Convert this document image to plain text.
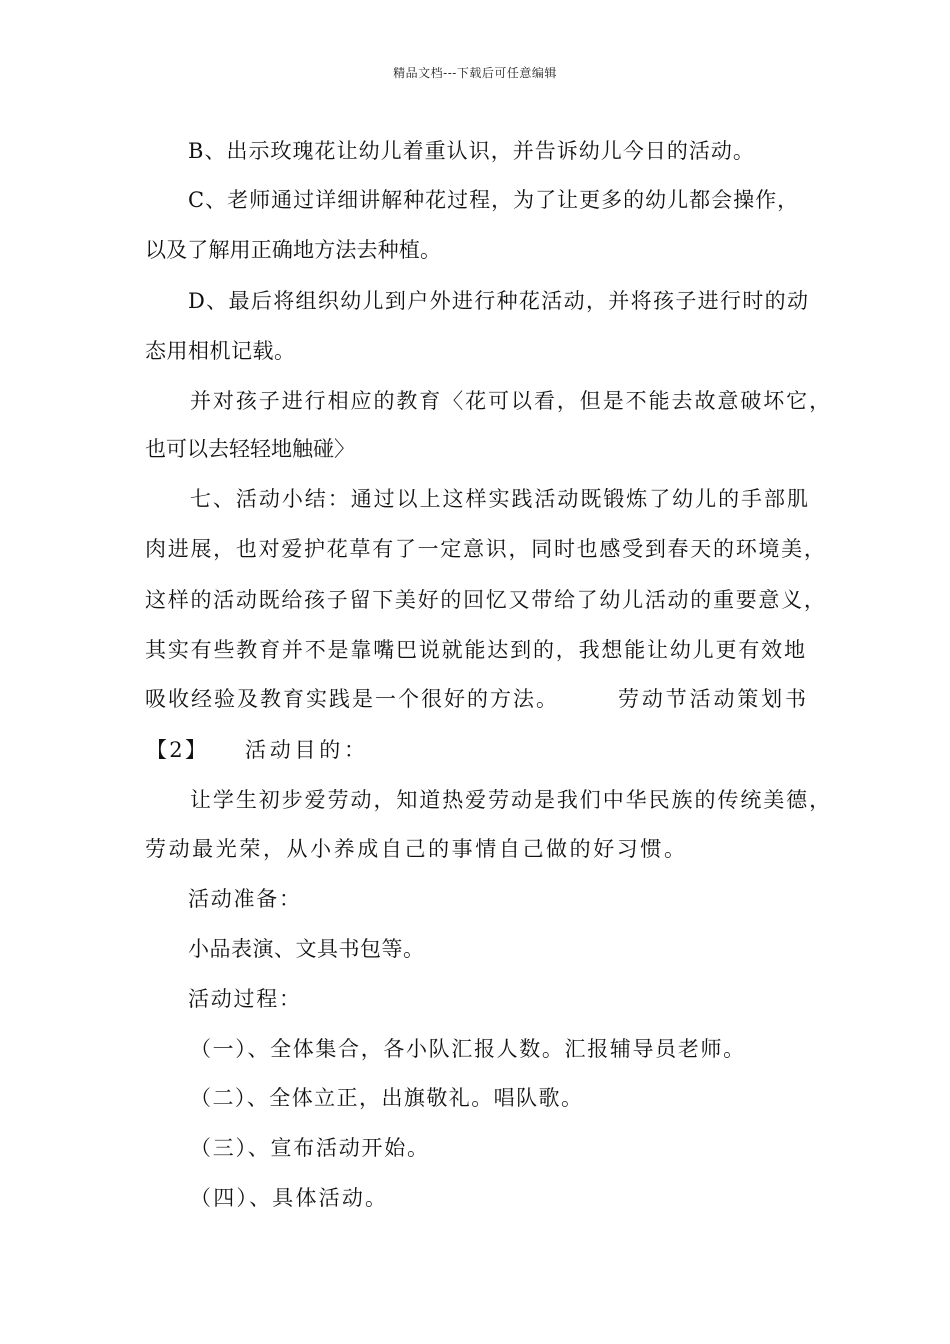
精品文档---下载后可任意编辑
B、出示玫瑰花让幼儿着重认识，并告诉幼儿今日的活动。
C、老师通过详细讲解种花过程，为了让更多的幼儿都会操作，
以及了解用正确地方法去种植。
D、最后将组织幼儿到户外进行种花活动，并将孩子进行时的动
态用相机记载。
并对孩子进行相应的教育〈花可以看，但是不能去故意破坏它，
也可以去轻轻地触碰〉
七、活动小结：通过以上这样实践活动既锻炼了幼儿的手部肌
肉进展，也对爱护花草有了一定意识，同时也感受到春天的环境美，
这样的活动既给孩子留下美好的回忆又带给了幼儿活动的重要意义，
其实有些教育并不是靠嘴巴说就能达到的，我想能让幼儿更有效地
吸收经验及教育实践是一个很好的方法。	劳动节活动策划书
【2】 活动目的：
让学生初步爱劳动，知道热爱劳动是我们中华民族的传统美德，
劳动最光荣，从小养成自己的事情自己做的好习惯。
活动准备：
小品表演、文具书包等。
活动过程：
（一）、全体集合，各小队汇报人数。汇报辅导员老师。
（二）、全体立正，出旗敬礼。唱队歌。
（三）、宣布活动开始。
（四）、具体活动。
